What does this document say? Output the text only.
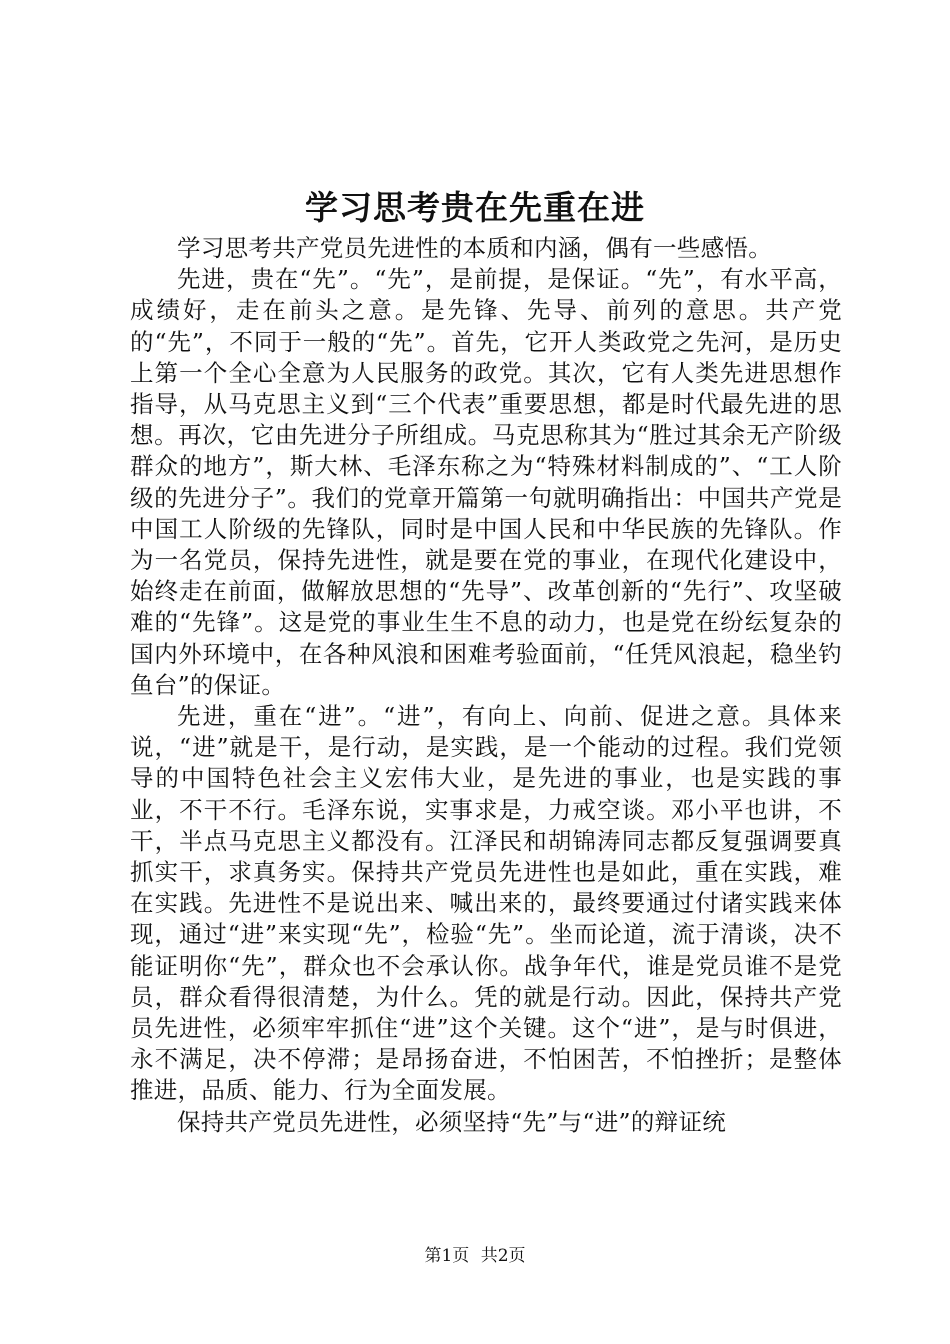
学习思考贵在先重在进

学习思考共产党员先进性的本质和内涵，偶有一些感悟。

先进，贵在“先”。“先”，是前提，是保证。“先”，有水平高，成绩好，走在前头之意。是先锋、先导、前列的意思。共产党的“先”，不同于一般的“先”。首先，它开人类政党之先河，是历史上第一个全心全意为人民服务的政党。其次，它有人类先进思想作指导，从马克思主义到“三个代表”重要思想，都是时代最先进的思想。再次，它由先进分子所组成。马克思称其为“胜过其余无产阶级群众的地方”，斯大林、毛泽东称之为“特殊材料制成的”、“工人阶级的先进分子”。我们的党章开篇第一句就明确指出：中国共产党是中国工人阶级的先锋队，同时是中国人民和中华民族的先锋队。作为一名党员，保持先进性，就是要在党的事业，在现代化建设中，始终走在前面，做解放思想的“先导”、改革创新的“先行”、攻坚破难的“先锋”。这是党的事业生生不息的动力，也是党在纷纭复杂的国内外环境中，在各种风浪和困难考验面前，“任凭风浪起，稳坐钓鱼台”的保证。

先进，重在“进”。“进”，有向上、向前、促进之意。具体来说，“进”就是干，是行动，是实践，是一个能动的过程。我们党领导的中国特色社会主义宏伟大业，是先进的事业，也是实践的事业，不干不行。毛泽东说，实事求是，力戒空谈。邓小平也讲，不干，半点马克思主义都没有。江泽民和胡锦涛同志都反复强调要真抓实干，求真务实。保持共产党员先进性也是如此，重在实践，难在实践。先进性不是说出来、喊出来的，最终要通过付诸实践来体现，通过“进”来实现“先”，检验“先”。坐而论道，流于清谈，决不能证明你“先”，群众也不会承认你。战争年代，谁是党员谁不是党员，群众看得很清楚，为什么。凭的就是行动。因此，保持共产党员先进性，必须牢牢抓住“进”这个关键。这个“进”，是与时俱进，永不满足，决不停滞；是昂扬奋进，不怕困苦，不怕挫折；是整体推进，品质、能力、行为全面发展。

保持共产党员先进性，必须坚持“先”与“进”的辩证统

第1页 共2页
